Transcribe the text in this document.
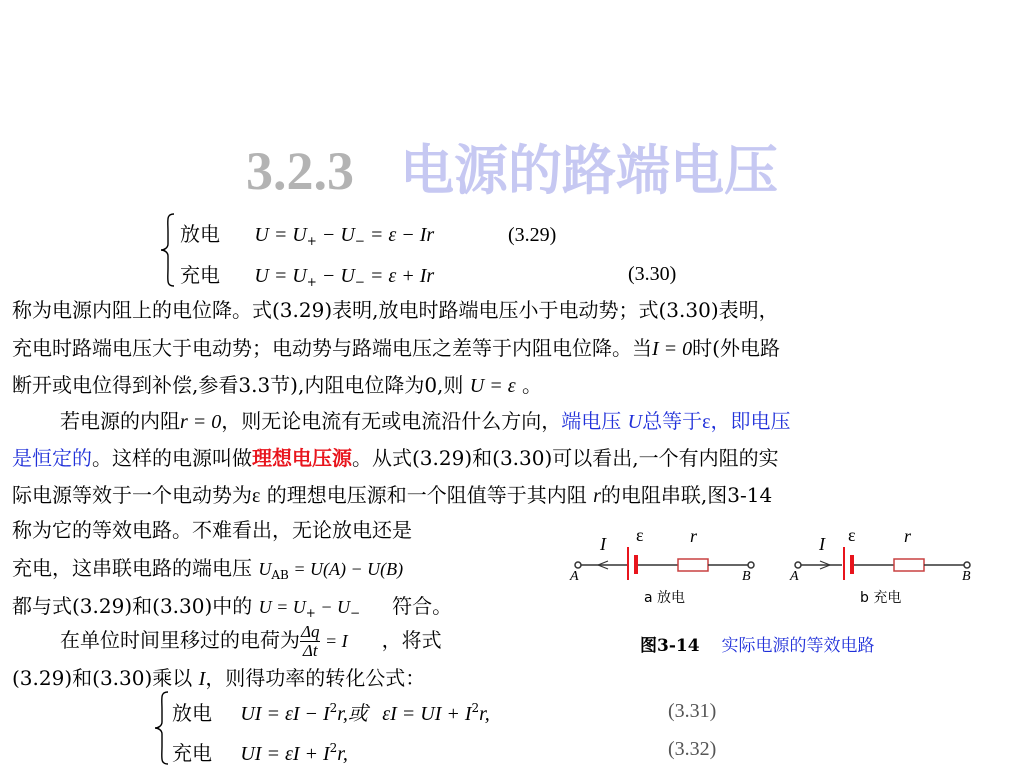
3.2.3 电源的路端电压
放电 $U = U_+ - U_- = \varepsilon - Ir$	(3.29)
充电 $U = U_+ - U_- = \varepsilon + Ir$	(3.30)
称为电源内阻上的电位降。式(3.29)表明,放电时路端电压小于电动势；式(3.30)表明，
充电时路端电压大于电动势；电动势与路端电压之差等于内阻电位降。当I = 0时(外电路
断开或电位得到补偿,参看3.3节),内阻电位降为0,则 U = ε 。
若电源的内阻r = 0，则无论电流有无或电流沿什么方向，端电压 U总等于ε，即电压
是恒定的。这样的电源叫做理想电压源。从式(3.29)和(3.30)可以看出,一个有内阻的实
际电源等效于一个电动势为ε 的理想电压源和一个阻值等于其内阻 r的电阻串联,图3-14
称为它的等效电路。不难看出，无论放电还是
充电，这串联电路的端电压 $U_{AB} = U(A) - U(B)$
都与式(3.29)和(3.30)中的 $U = U_+ - U_-$ 符合。
在单位时间里移过的电荷为 $\frac{\Delta q}{\Delta t} = I$ ，将式
(3.29)和(3.30)乘以 I，则得功率的转化公式：
放电 UI = $\varepsilon I - I^2r$,或 εI = UI + $I^2r$,	(3.31)
充电 UI = $\varepsilon I + I^2r$,	(3.32)
I ε	r
A	B
a 放电
I ε	r
A	B
b 充电
图3-14 实际电源的等效电路
